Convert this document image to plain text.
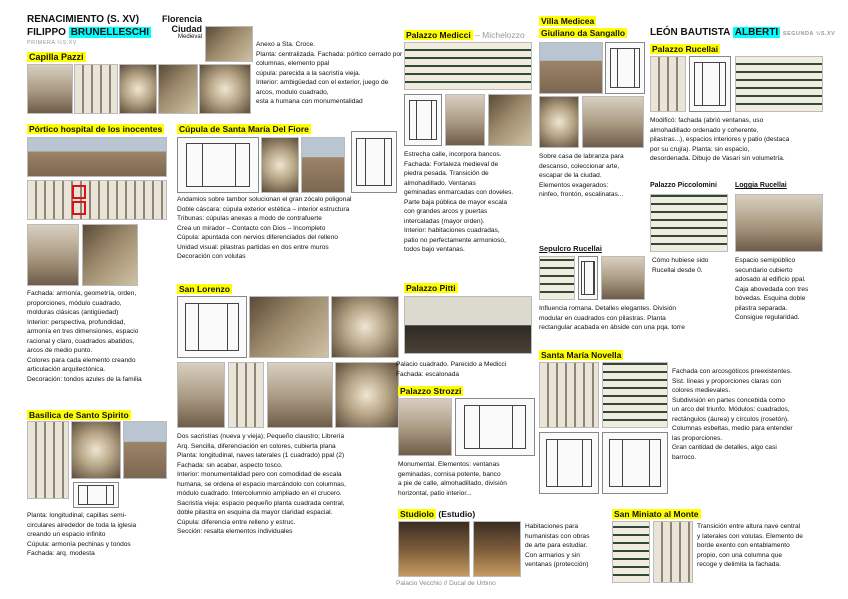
RENACIMIENTO (S. XV)
FILIPPO BRUNELLESCHI
PRIMERA ¼S.XV
Florencia
Ciudad
Medieval
Capilla Pazzi
Anexo a Sta. Croce.
Planta: centralizada. Fachada: pórtico cerrado por columnas, elemento ppal
cúpula: parecida a la sacristía vieja.
Interior: ambigüedad con el exterior, juego de arcos, modulo cuadrado,
esta a humana con monumentalidad
Pórtico hospital de los inocentes
Fachada: armonía, geometría, orden,
proporciones, módulo cuadrado,
molduras clásicas (antigüedad)
Interior: perspectiva, profundidad,
armonía en tres dimensiones, espacio
racional y claro, cuadrados abatidos,
arcos de medio punto.
Colores para cada elemento creando
articulación arquitectónica.
Decoración: tondos azules de la familia
Basílica de Santo Spirito
Planta: longitudinal, capillas semi-
circulares alrededor de toda la iglesia
creando un espacio infinito
Cúpula: armonía pechinas y tondos
Fachada: arq. modesta
Cúpula de Santa María Del Fiore
Andamios sobre tambor solucionan el gran zócalo poligonal
Doble cáscara: cúpula exterior estética – interior estructura
Tribunas: cúpulas anexas a modo de contrafuerte
Crea un mirador – Contacto con Dios – Incompleto
Cúpula: apuntada con nervios diferenciados del relleno
Unidad visual: pilastras partidas en dos entre muros
Decoración con volutas
San Lorenzo
Dos sacristías (nueva y vieja); Pequeño claustro; Librería
Arq. Sencilla, diferenciación en colores, cubierta plana
Planta: longitudinal, naves laterales (1 cuadrado) ppal (2)
Fachada: sin acabar, aspecto tosco.
Interior: monumentalidad pero con comodidad de escala
humana, se ordena el espacio marcándolo con columnas,
módulo cuadrado. Intercolumnio ampliado en el crucero.
Sacristía vieja: espacio pequeño planta cuadrada central,
doble pilastra en esquina da mayor claridad espacial.
Cúpula: diferencia entre relleno y estruc.
Sección: resalta elementos individuales
Palazzo Medicci – Michelozzo
Estrecha calle, incorpora bancos.
Fachada: Fortaleza medieval de
piedra pesada. Transición de
almohadillado. Ventanas
geminadas enmarcadas con doveles.
Parte baja pública de mayor escala
con grandes arcos y puertas
intercaladas (mayor orden).
Interior: habitaciones cuadradas,
patio no perfectamente armonioso,
todos bajo ventanas.
Palazzo Pitti
Palacio cuadrado. Parecido a Medicci
Fachada: escalonada
Palazzo Strozzi
Monumental. Elementos: ventanas
geminadas, cornisa potente, banco
a pie de calle, almohadillado, división
horizontal, patio interior...
Studiolo (Estudio)
Palacio Vecchio // Ducal de Urbino
Habitaciones para
humanistas con obras
de arte para estudiar.
Con armarios y sin
ventanas (protección)
Villa Medicea
Giuliano da Sangallo
Sobre casa de labranza para
descanso, coleccionar arte,
escapar de la ciudad.
Elementos exagerados:
ninfeo, frontón, escalinatas...
Sepulcro Rucellai
Influencia romana. Detalles elegantes. División
modular en cuadrados con pilastras. Planta
rectangular acabada en ábside con una pqa. torre
Santa María Novella
Fachada con arcosgóticos preexistentes.
Sist. líneas y proporciones claras con
colores medievales.
Subdivisión en partes concebida como
un arco del triunfo. Módulos: cuadrados,
rectángulos (áurea) y círculos (rosetón).
Columnas esbeltas, medio para entender
las proporciones.
Gran cantidad de detalles, algo casi
barroco.
San Miniato al Monte
Transición entre altura nave central
y laterales con volutas. Elemento de
borde exento con entablamento
propio, con una columna que
recoge y delimita la fachada.
LEÓN BAUTISTA ALBERTI SEGUNDA ½S.XV
Palazzo Rucellai
Modificó: fachada (abrió ventanas, uso
almohadillado ordenado y coherente,
pilastras...), espacios interiores y patio (destaca
por su crujía). Planta: sin espacio,
desordenada. Dibujo de Vasari sin volumetría.
Palazzo Piccolomini	Loggia Rucellai
Cómo hubiese sido
Rucellai desde 0.
Espacio semipúblico
secundario cubierto
adosado al edificio ppal.
Caja abovedada con tres
bóvedas. Esquina doble
pilastra separada.
Consigue regularidad.
